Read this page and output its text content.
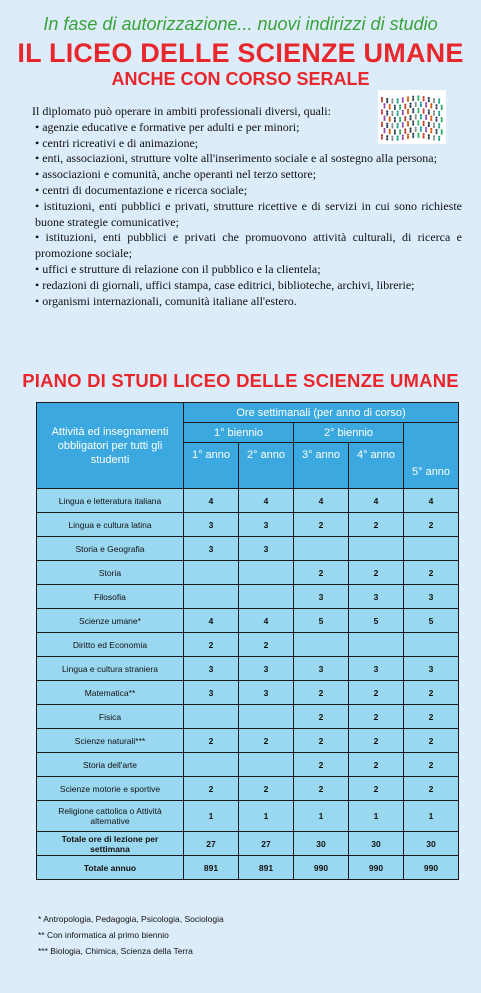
In fase di autorizzazione... nuovi indirizzi di studio
IL LICEO DELLE SCIENZE UMANE
ANCHE CON CORSO SERALE

Il diplomato può operare in ambiti professionali diversi, quali:

• agenzie educative e formative per adulti e per minori;

• centri ricreativi e di animazione;

• enti, associazioni, strutture volte all'inserimento sociale e al sostegno alla persona;

• associazioni e comunità, anche operanti nel terzo settore;

• centri di documentazione e ricerca sociale;

• istituzioni, enti pubblici e privati, strutture ricettive e di servizi in cui sono richieste buone strategie comunicative;

• istituzioni, enti pubblici e privati che promuovono attività culturali, di ricerca e promozione sociale;

• uffici e strutture di relazione con il pubblico e la clientela;

• redazioni di giornali, uffici stampa, case editrici, biblioteche, archivi, librerie;

• organismi internazionali, comunità italiane all'estero.

PIANO DI STUDI LICEO DELLE SCIENZE UMANE
Attività ed insegnamenti obbligatori per tutti gli studenti	Ore settimanali (per anno di corso)				
	1° biennio		2° biennio		5° anno
	1° anno	2° anno	3° anno	4° anno	
Lingua e letteratura italiana	4	4	4	4	4
Lingua e cultura latina	3	3	2	2	2
Storia e Geografia	3	3			
Storia			2	2	2
Filosofia			3	3	3
Scienze umane*	4	4	5	5	5
Diritto ed Economia	2	2			
Lingua e cultura straniera	3	3	3	3	3
Matematica**	3	3	2	2	2
Fisica			2	2	2
Scienze naturali***	2	2	2	2	2
Storia dell'arte			2	2	2
Scienze motorie e sportive	2	2	2	2	2
Religione cattolica o Attività alternative	1	1	1	1	1
Totale ore di lezione per settimana	27	27	30	30	30
Totale annuo	891	891	990	990	990

* Antropologia, Pedagogia, Psicologia, Sociologia

** Con informatica al primo biennio

*** Biologia, Chimica, Scienza della Terra
